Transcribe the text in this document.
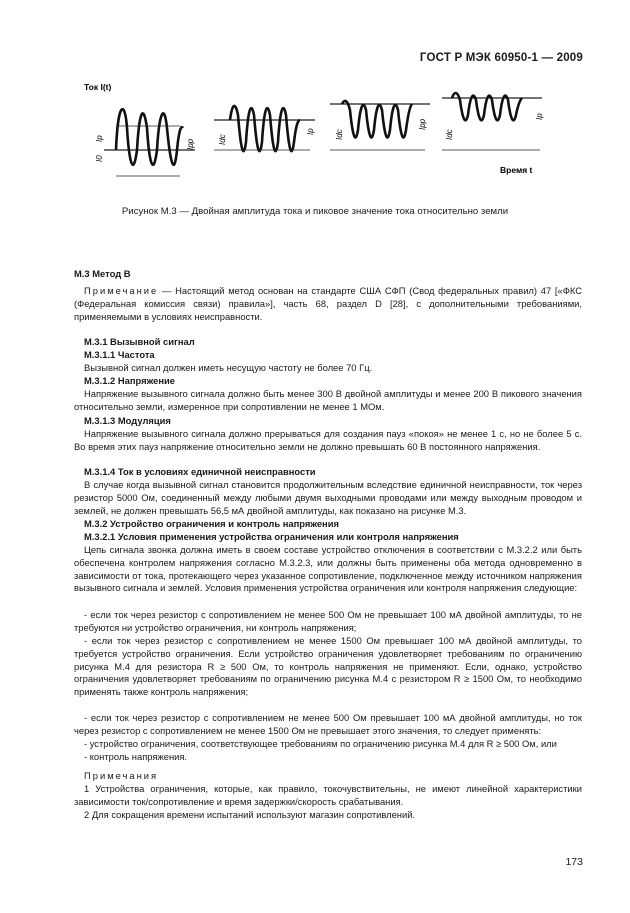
ГОСТ Р МЭК 60950-1 — 2009
Ток I(t)
Время t
Ip
I0
Ipp	Idc
Ip	Idc
Ipp
Idc
Ip
Рисунок М.3 — Двойная амплитуда тока и пиковое значение тока относительно земли
М.3 Метод В
Примечание — Настоящий метод основан на стандарте США СФП (Свод федеральных правил) 47 [«ФКС (Федеральная комиссия связи) правила»], часть 68, раздел D [28], с дополнительными требованиями, применяемыми в условиях неисправности.
М.3.1 Вызывной сигнал
М.3.1.1 Частота
Вызывной сигнал должен иметь несущую частоту не более 70 Гц.
М.3.1.2 Напряжение
Напряжение вызывного сигнала должно быть менее 300 В двойной амплитуды и менее 200 В пикового значения относительно земли, измеренное при сопротивлении не менее 1 МОм.
М.3.1.3 Модуляция
Напряжение вызывного сигнала должно прерываться для создания пауз «покоя» не менее 1 с, но не более 5 с. Во время этих пауз напряжение относительно земли не должно превышать 60 В постоянного напряжения.
М.3.1.4 Ток в условиях единичной неисправности
В случае когда вызывной сигнал становится продолжительным вследствие единичной неисправности, ток через резистор 5000 Ом, соединенный между любыми двумя выходными проводами или между выходным проводом и землей, не должен превышать 56,5 мА двойной амплитуды, как показано на рисунке М.3.
М.3.2 Устройство ограничения и контроль напряжения
М.3.2.1 Условия применения устройства ограничения или контроля напряжения
Цепь сигнала звонка должна иметь в своем составе устройство отключения в соответствии с М.3.2.2 или быть обеспечена контролем напряжения согласно М.3.2.3, или должны быть применены оба метода одновременно в зависимости от тока, протекающего через указанное сопротивление, подключенное между источником напряжения вызывного сигнала и землей. Условия применения устройства ограничения или контроля напряжения следующие:
- если ток через резистор с сопротивлением не менее 500 Ом не превышает 100 мА двойной амплитуды, то не требуются ни устройство ограничения, ни контроль напряжения;
- если ток через резистор с сопротивлением не менее 1500 Ом превышает 100 мА двойной амплитуды, то требуется устройство ограничения. Если устройство ограничения удовлетворяет требованиям по ограничению рисунка М.4 для резистора R ≥ 500 Ом, то контроль напряжения не применяют. Если, однако, устройство ограничения удовлетворяет требованиям по ограничению рисунка М.4 с резистором R ≥ 1500 Ом, то необходимо применять также контроль напряжения;
- если ток через резистор с сопротивлением не менее 500 Ом превышает 100 мА двойной амплитуды, но ток через резистор с сопротивлением не менее 1500 Ом не превышает этого значения, то следует применять:
- устройство ограничения, соответствующее требованиям по ограничению рисунка М.4 для R ≥ 500 Ом, или
- контроль напряжения.
Примечания
1 Устройства ограничения, которые, как правило, токочувствительны, не имеют линейной характеристики зависимости ток/сопротивление и время задержки/скорость срабатывания.
2 Для сокращения времени испытаний используют магазин сопротивлений.
173
